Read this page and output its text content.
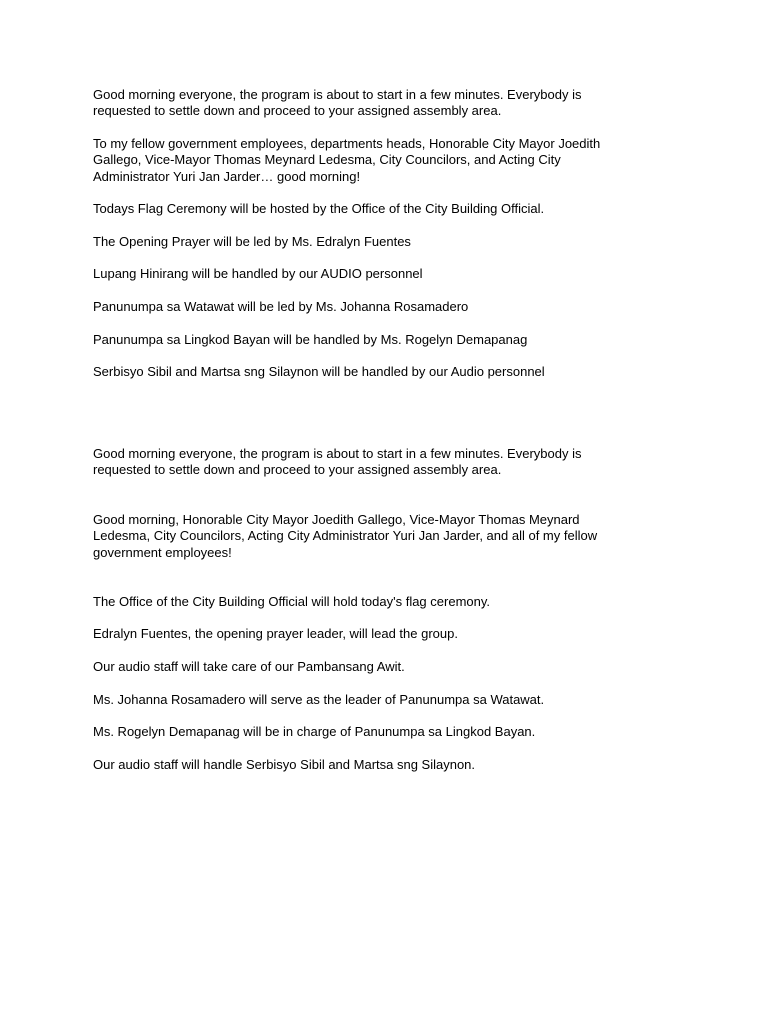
Good morning everyone, the program is about to start in a few minutes. Everybody is requested to settle down and proceed to your assigned assembly area.

To my fellow government employees, departments heads, Honorable City Mayor Joedith Gallego, Vice-Mayor Thomas Meynard Ledesma, City Councilors, and Acting City Administrator Yuri Jan Jarder… good morning!

Todays Flag Ceremony will be hosted by the Office of the City Building Official.

The Opening Prayer will be led by Ms. Edralyn Fuentes

Lupang Hinirang will be handled by our AUDIO personnel

Panunumpa sa Watawat will be led by Ms. Johanna Rosamadero

Panunumpa sa Lingkod Bayan will be handled by Ms. Rogelyn Demapanag

Serbisyo Sibil and Martsa sng Silaynon will be handled by our Audio personnel

Good morning everyone, the program is about to start in a few minutes. Everybody is requested to settle down and proceed to your assigned assembly area.

Good morning, Honorable City Mayor Joedith Gallego, Vice-Mayor Thomas Meynard Ledesma, City Councilors, Acting City Administrator Yuri Jan Jarder, and all of my fellow government employees!

The Office of the City Building Official will hold today's flag ceremony.

Edralyn Fuentes, the opening prayer leader, will lead the group.

Our audio staff will take care of our Pambansang Awit.

Ms. Johanna Rosamadero will serve as the leader of Panunumpa sa Watawat.

Ms. Rogelyn Demapanag will be in charge of Panunumpa sa Lingkod Bayan.

Our audio staff will handle Serbisyo Sibil and Martsa sng Silaynon.
